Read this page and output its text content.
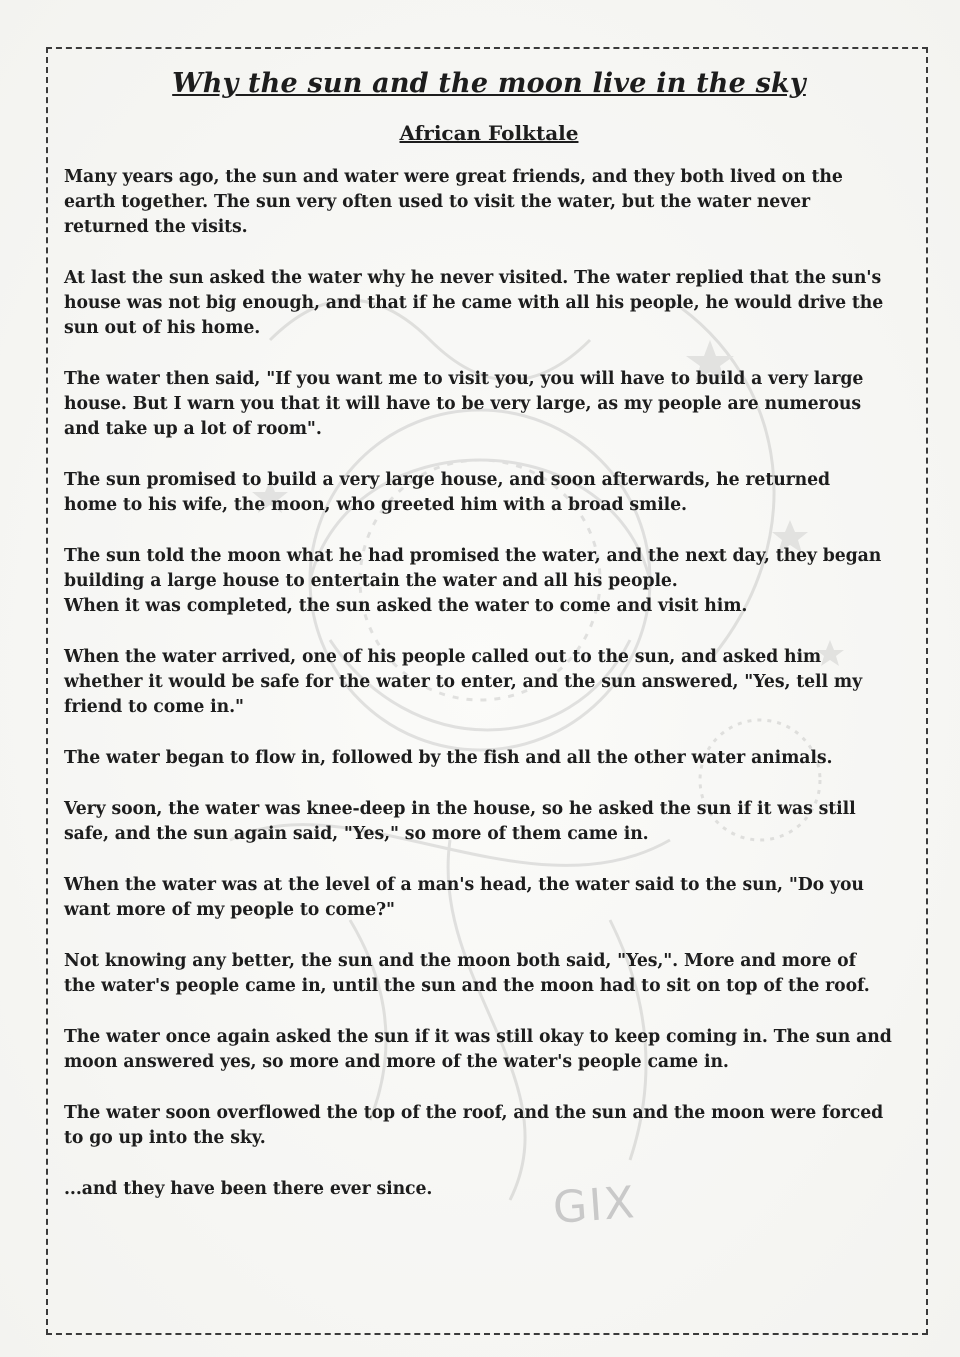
Why the sun and the moon live in the sky
African Folktale

Many years ago, the sun and water were great friends, and they both lived on the
earth together. The sun very often used to visit the water, but the water never
returned the visits.

At last the sun asked the water why he never visited. The water replied that the sun's
house was not big enough, and that if he came with all his people, he would drive the
sun out of his home.

The water then said, "If you want me to visit you, you will have to build a very large
house. But I warn you that it will have to be very large, as my people are numerous
and take up a lot of room".

The sun promised to build a very large house, and soon afterwards, he returned
home to his wife, the moon, who greeted him with a broad smile.

The sun told the moon what he had promised the water, and the next day, they began
building a large house to entertain the water and all his people.
When it was completed, the sun asked the water to come and visit him.

When the water arrived, one of his people called out to the sun, and asked him
whether it would be safe for the water to enter, and the sun answered, "Yes, tell my
friend to come in."

The water began to flow in, followed by the fish and all the other water animals.

Very soon, the water was knee-deep in the house, so he asked the sun if it was still
safe, and the sun again said, "Yes," so more of them came in.

When the water was at the level of a man's head, the water said to the sun, "Do you
want more of my people to come?"

Not knowing any better, the sun and the moon both said, "Yes,". More and more of
the water's people came in, until the sun and the moon had to sit on top of the roof.

The water once again asked the sun if it was still okay to keep coming in. The sun and
moon answered yes, so more and more of the water's people came in.

The water soon overflowed the top of the roof, and the sun and the moon were forced
to go up into the sky.

...and they have been there ever since.	GIX
